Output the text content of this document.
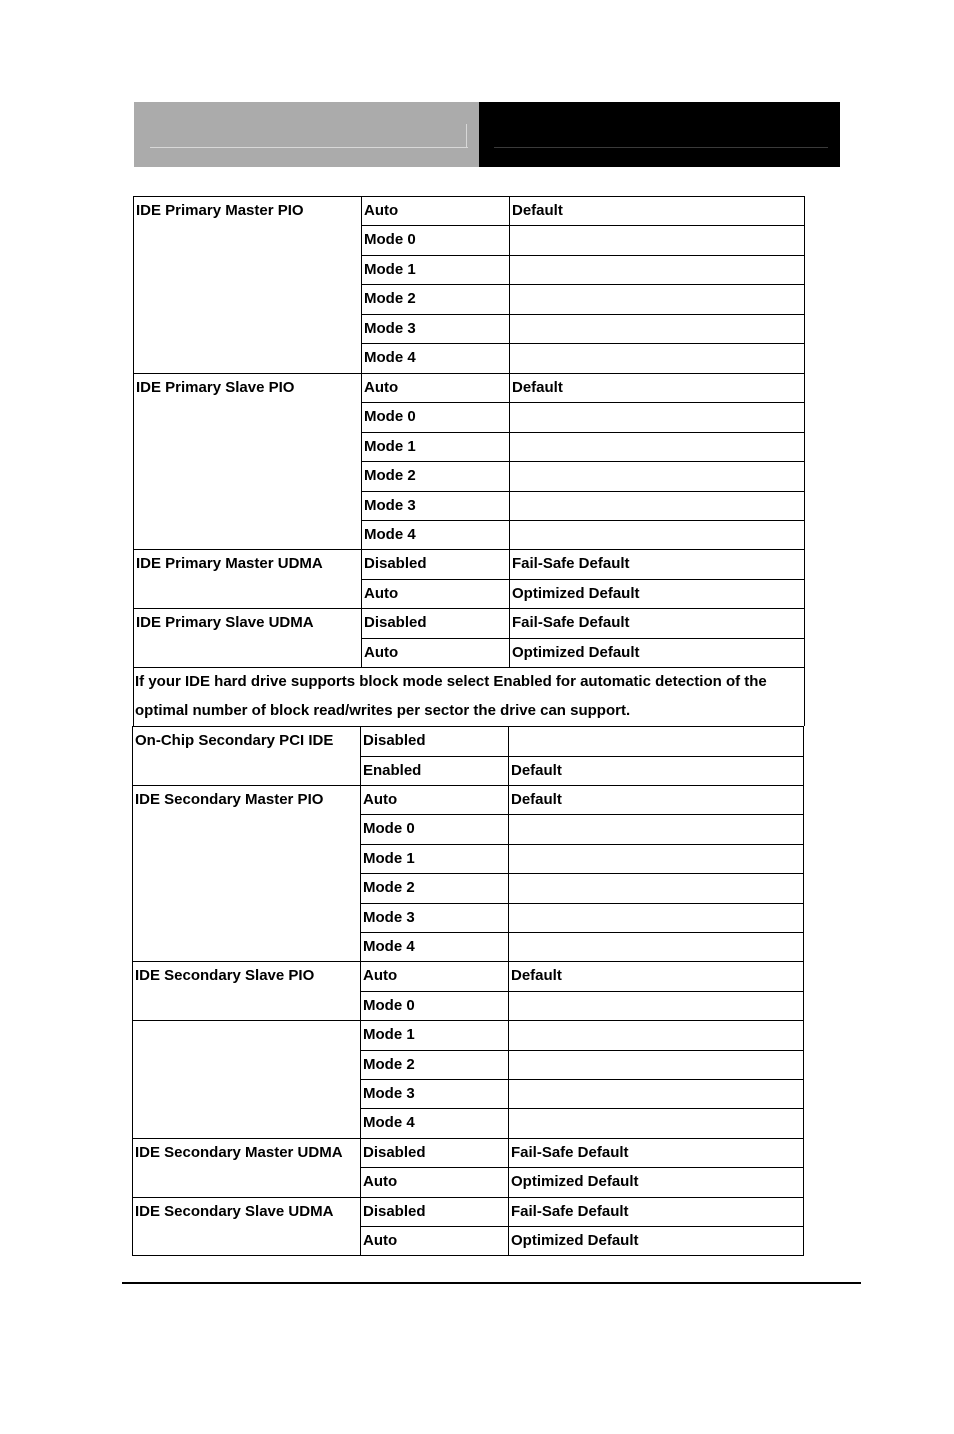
IDE Primary Master PIO	Auto	Default
Mode 0
Mode 1
Mode 2
Mode 3
Mode 4
IDE Primary Slave PIO	Auto	Default
Mode 0
Mode 1
Mode 2
Mode 3
Mode 4
IDE Primary Master UDMA	Disabled	Fail-Safe Default
Auto	Optimized Default
IDE Primary Slave UDMA	Disabled	Fail-Safe Default
Auto	Optimized Default
If your IDE hard drive supports block mode select Enabled for automatic detection of the
optimal number of block read/writes per sector the drive can support.
On-Chip Secondary PCI IDE Disabled
Enabled	Default
IDE Secondary Master PIO	Auto	Default
Mode 0
Mode 1
Mode 2
Mode 3
Mode 4
IDE Secondary Slave PIO	Auto	Default
Mode 0
Mode 1
Mode 2
Mode 3
Mode 4
IDE Secondary Master UDMA Disabled	Fail-Safe Default
Auto	Optimized Default
IDE Secondary Slave UDMA Disabled	Fail-Safe Default
Auto	Optimized Default
